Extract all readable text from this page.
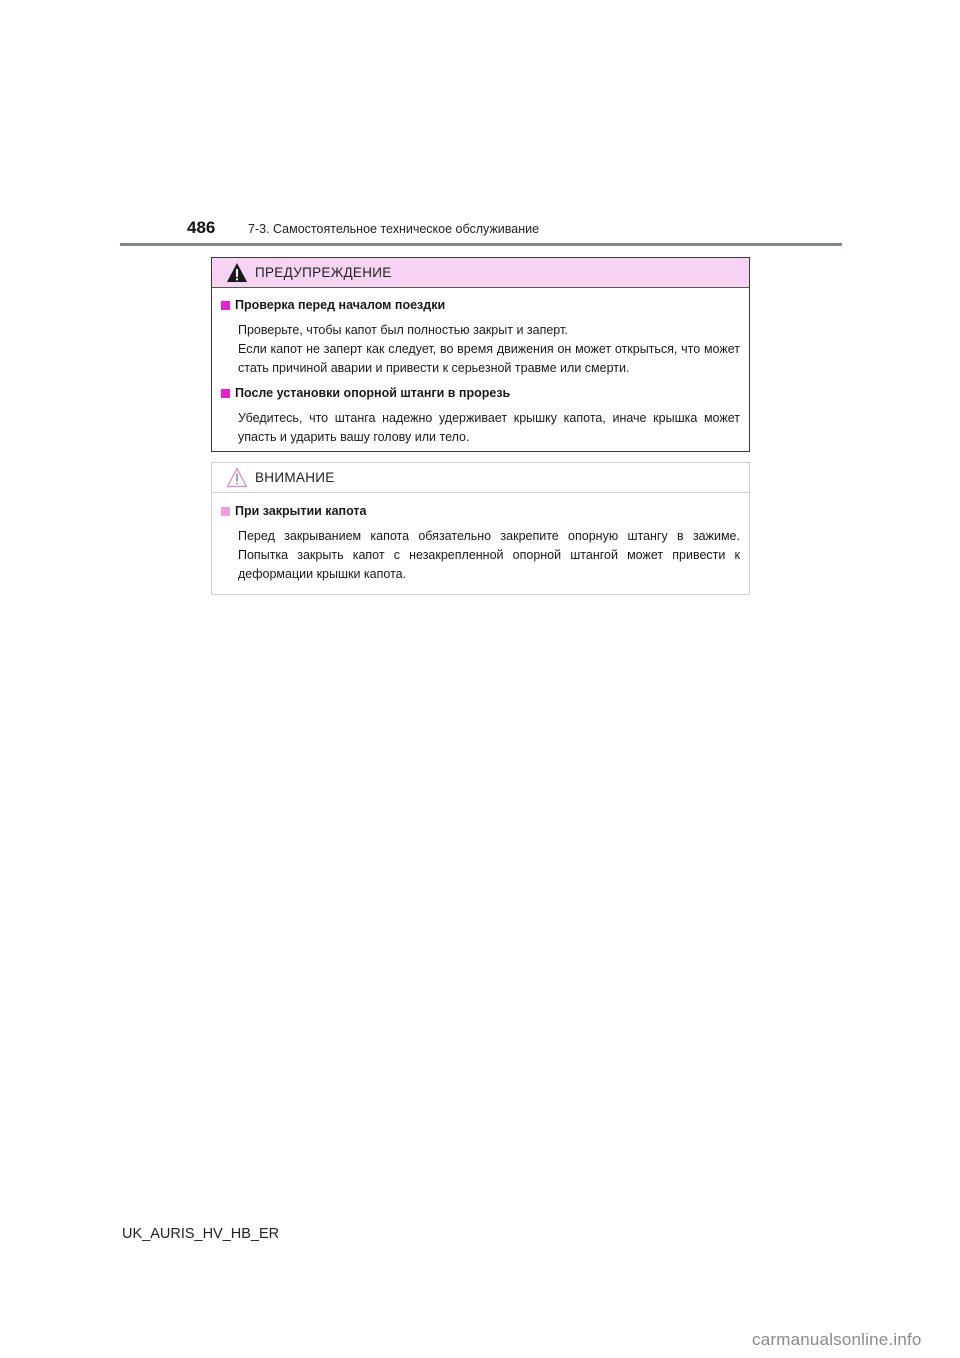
486	7-3. Самостоятельное техническое обслуживание
ПРЕДУПРЕЖДЕНИЕ
Проверка перед началом поездки

Проверьте, чтобы капот был полностью закрыт и заперт.
Если капот не заперт как следует, во время движения он может открыться, что может стать причиной аварии и привести к серьезной травме или смерти.

После установки опорной штанги в прорезь

Убедитесь, что штанга надежно удерживает крышку капота, иначе крышка может упасть и ударить вашу голову или тело.

ВНИМАНИЕ
При закрытии капота

Перед закрыванием капота обязательно закрепите опорную штангу в зажиме. Попытка закрыть капот с незакрепленной опорной штангой может привести к деформации крышки капота.

UK_AURIS_HV_HB_ER
carmanualsonline.info
